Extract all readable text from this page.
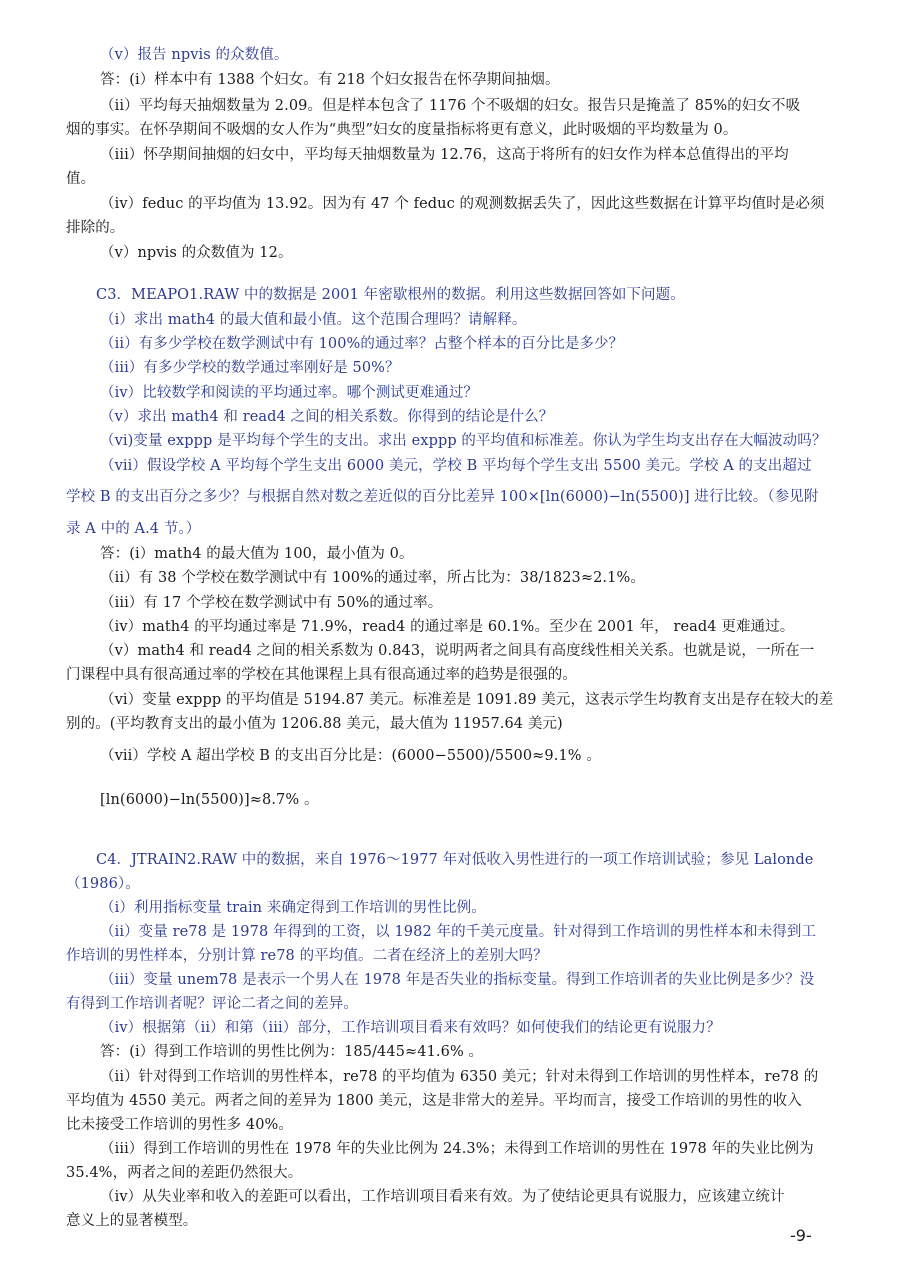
（v）报告 npvis 的众数值。
答：(i）样本中有 1388 个妇女。有 218 个妇女报告在怀孕期间抽烟。
（ii）平均每天抽烟数量为 2.09。但是样本包含了 1176 个不吸烟的妇女。报告只是掩盖了 85%的妇女不吸
烟的事实。在怀孕期间不吸烟的女人作为“典型”妇女的度量指标将更有意义，此时吸烟的平均数量为 0。
（iii）怀孕期间抽烟的妇女中，平均每天抽烟数量为 12.76，这高于将所有的妇女作为样本总值得出的平均
值。
（iv）feduc 的平均值为 13.92。因为有 47 个 feduc 的观测数据丢失了，因此这些数据在计算平均值时是必须
排除的。
（v）npvis 的众数值为 12。
C3．MEAPO1.RAW 中的数据是 2001 年密歇根州的数据。利用这些数据回答如下问题。
（i）求出 math4 的最大值和最小值。这个范围合理吗？请解释。
（ii）有多少学校在数学测试中有 100%的通过率？占整个样本的百分比是多少？
（iii）有多少学校的数学通过率刚好是 50%？
（iv）比较数学和阅读的平均通过率。哪个测试更难通过？
（v）求出 math4 和 read4 之间的相关系数。你得到的结论是什么？
（vi)变量 exppp 是平均每个学生的支出。求出 exppp 的平均值和标准差。你认为学生均支出存在大幅波动吗？
（vii）假设学校 A 平均每个学生支出 6000 美元，学校 B 平均每个学生支出 5500 美元。学校 A 的支出超过
学校 B 的支出百分之多少？与根据自然对数之差近似的百分比差异 100×[ln(6000)−ln(5500)] 进行比较。（参见附
录 A 中的 A.4 节。）
答：(i）math4 的最大值为 100，最小值为 0。
（ii）有 38 个学校在数学测试中有 100%的通过率，所占比为：38/1823≈2.1%。
（iii）有 17 个学校在数学测试中有 50%的通过率。
（iv）math4 的平均通过率是 71.9%，read4 的通过率是 60.1%。至少在 2001 年， read4 更难通过。
（v）math4 和 read4 之间的相关系数为 0.843，说明两者之间具有高度线性相关关系。也就是说，一所在一
门课程中具有很高通过率的学校在其他课程上具有很高通过率的趋势是很强的。
（vi）变量 exppp 的平均值是 5194.87 美元。标准差是 1091.89 美元，这表示学生均教育支出是存在较大的差
别的。(平均教育支出的最小值为 1206.88 美元，最大值为 11957.64 美元)
（vii）学校 A 超出学校 B 的支出百分比是：(6000−5500)/5500≈9.1% 。
[ln(6000)−ln(5500)]≈8.7% 。
C4．JTRAIN2.RAW 中的数据，来自 1976～1977 年对低收入男性进行的一项工作培训试验；参见 Lalonde
（1986）。
（i）利用指标变量 train 来确定得到工作培训的男性比例。
（ii）变量 re78 是 1978 年得到的工资，以 1982 年的千美元度量。针对得到工作培训的男性样本和未得到工
作培训的男性样本，分别计算 re78 的平均值。二者在经济上的差别大吗？
（iii）变量 unem78 是表示一个男人在 1978 年是否失业的指标变量。得到工作培训者的失业比例是多少？没
有得到工作培训者呢？评论二者之间的差异。
（iv）根据第（ii）和第（iii）部分，工作培训项目看来有效吗？如何使我们的结论更有说服力？
答：(i）得到工作培训的男性比例为：185/445≈41.6% 。
（ii）针对得到工作培训的男性样本，re78 的平均值为 6350 美元；针对未得到工作培训的男性样本，re78 的
平均值为 4550 美元。两者之间的差异为 1800 美元，这是非常大的差异。平均而言，接受工作培训的男性的收入
比未接受工作培训的男性多 40%。
（iii）得到工作培训的男性在 1978 年的失业比例为 24.3%；未得到工作培训的男性在 1978 年的失业比例为
35.4%，两者之间的差距仍然很大。
（iv）从失业率和收入的差距可以看出，工作培训项目看来有效。为了使结论更具有说服力，应该建立统计
意义上的显著模型。
-9-
